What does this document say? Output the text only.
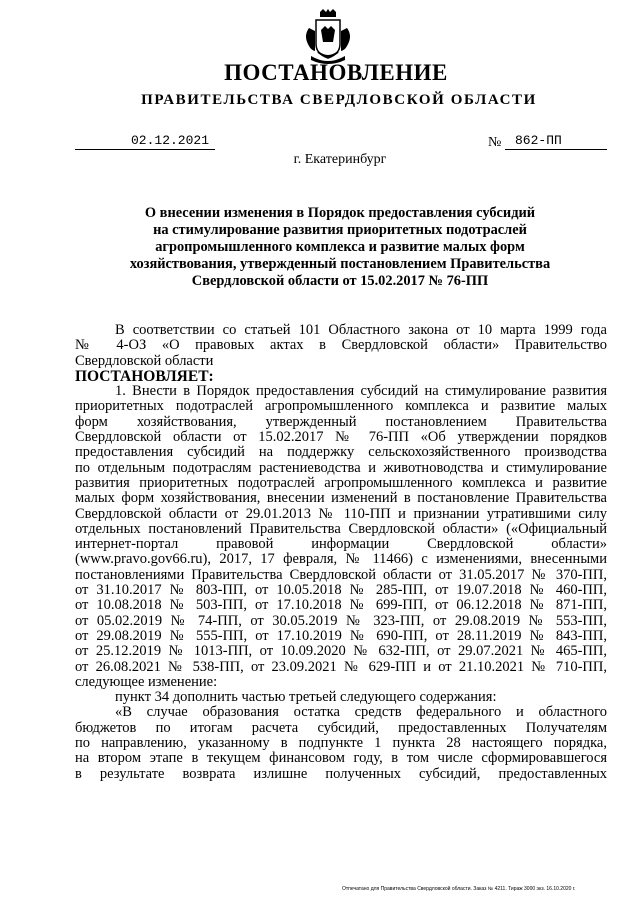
ПОСТАНОВЛЕНИЕ
ПРАВИТЕЛЬСТВА СВЕРДЛОВСКОЙ ОБЛАСТИ
02.12.2021	№	862-ПП
г. Екатеринбург
О внесении изменения в Порядок предоставления субсидий
на стимулирование развития приоритетных подотраслей
агропромышленного комплекса и развитие малых форм
хозяйствования, утвержденный постановлением Правительства
Свердловской области от 15.02.2017 № 76-ПП
В соответствии со статьей 101 Областного закона от 10 марта 1999 года
№ 4-ОЗ «О правовых актах в Свердловской области» Правительство
Свердловской области
ПОСТАНОВЛЯЕТ:
1. Внести в Порядок предоставления субсидий на стимулирование развития
приоритетных подотраслей агропромышленного комплекса и развитие малых
форм хозяйствования, утвержденный постановлением Правительства
Свердловской области от 15.02.2017 № 76-ПП «Об утверждении порядков
предоставления субсидий на поддержку сельскохозяйственного производства
по отдельным подотраслям растениеводства и животноводства и стимулирование
развития приоритетных подотраслей агропромышленного комплекса и развитие
малых форм хозяйствования, внесении изменений в постановление Правительства
Свердловской области от 29.01.2013 № 110-ПП и признании утратившими силу
отдельных постановлений Правительства Свердловской области» («Официальный
интернет-портал правовой информации Свердловской области»
(www.pravo.gov66.ru), 2017, 17 февраля, № 11466) с изменениями, внесенными
постановлениями Правительства Свердловской области от 31.05.2017 № 370-ПП,
от 31.10.2017 № 803-ПП, от 10.05.2018 № 285-ПП, от 19.07.2018 № 460-ПП,
от 10.08.2018 № 503-ПП, от 17.10.2018 № 699-ПП, от 06.12.2018 № 871-ПП,
от 05.02.2019 № 74-ПП, от 30.05.2019 № 323-ПП, от 29.08.2019 № 553-ПП,
от 29.08.2019 № 555-ПП, от 17.10.2019 № 690-ПП, от 28.11.2019 № 843-ПП,
от 25.12.2019 № 1013-ПП, от 10.09.2020 № 632-ПП, от 29.07.2021 № 465-ПП,
от 26.08.2021 № 538-ПП, от 23.09.2021 № 629-ПП и от 21.10.2021 № 710-ПП,
следующее изменение:
пункт 34 дополнить частью третьей следующего содержания:
«В случае образования остатка средств федерального и областного
бюджетов по итогам расчета субсидий, предоставленных Получателям
по направлению, указанному в подпункте 1 пункта 28 настоящего порядка,
на втором этапе в текущем финансовом году, в том числе сформировавшегося
в результате возврата излишне полученных субсидий, предоставленных
Отпечатано для Правительства Свердловской области. Заказ № 4211. Тираж 3000 экз. 16.10.2020 г.
